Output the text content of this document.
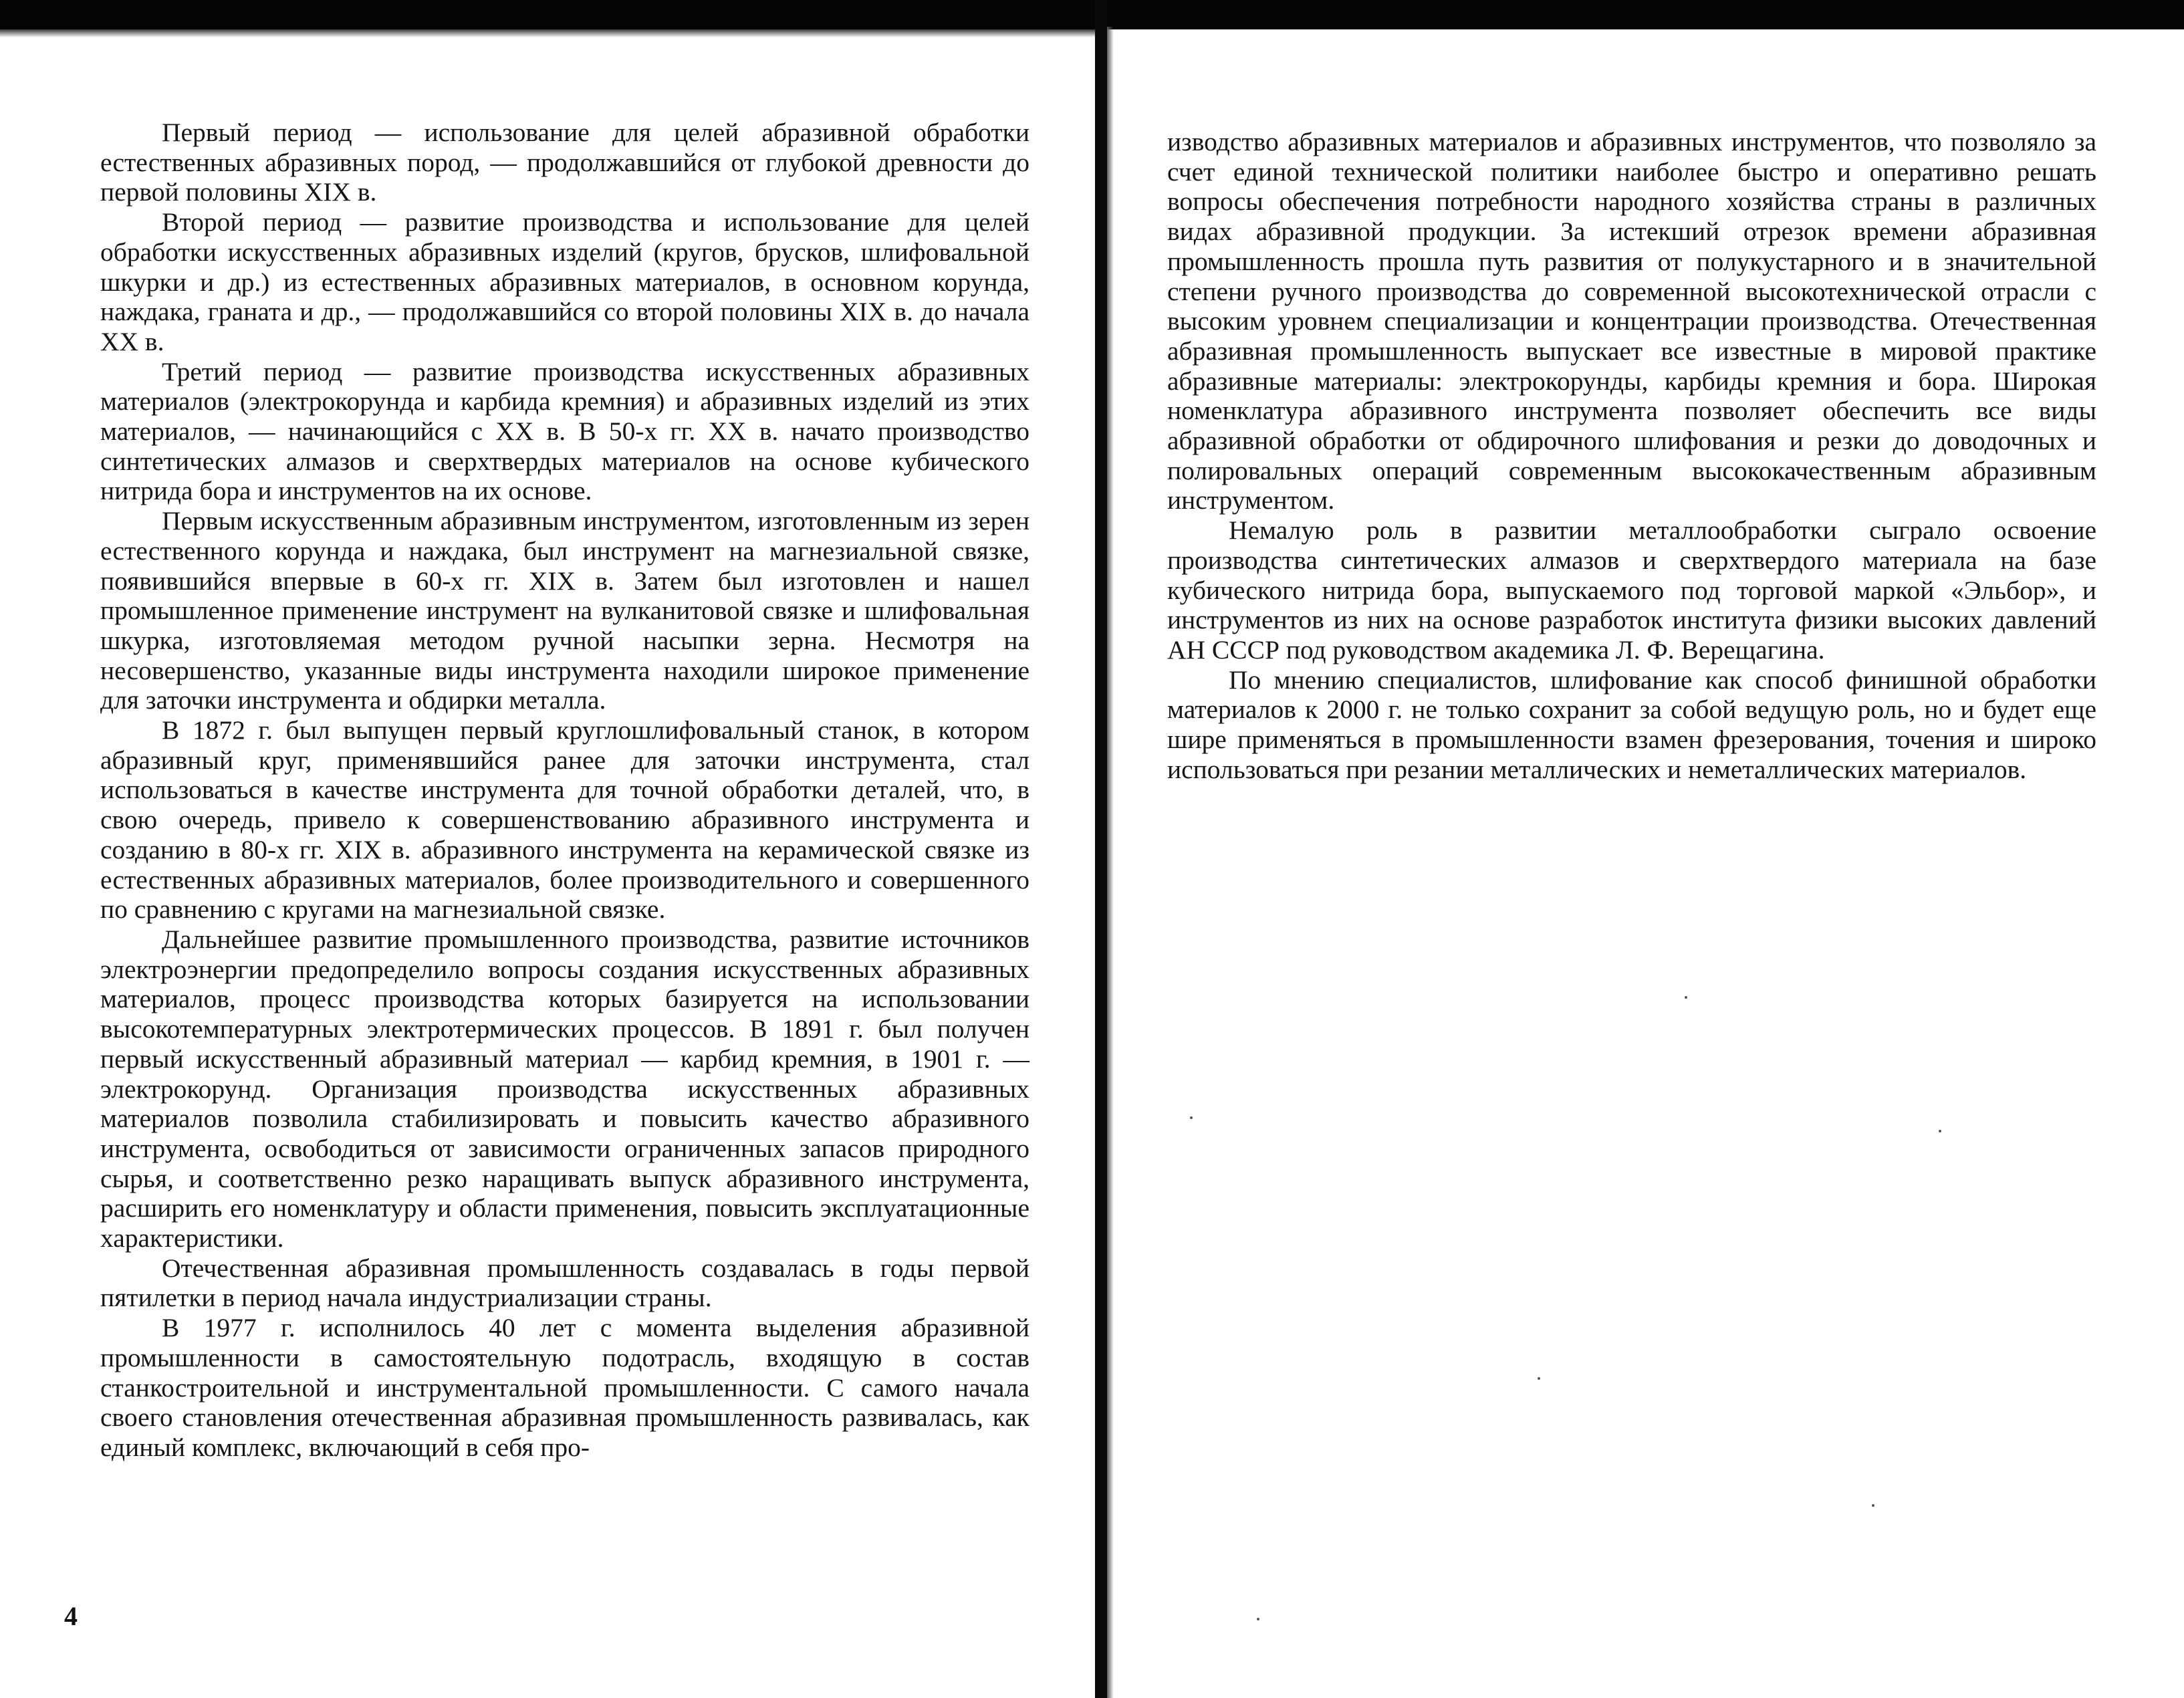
Первый период — использование для целей абразивной обработки естественных абразивных пород, — продолжавшийся от глубокой древности до первой половины XIX в.

Второй период — развитие производства и использование для целей обработки искусственных абразивных изделий (кругов, брусков, шлифовальной шкурки и др.) из естественных абразивных материалов, в основном корунда, наждака, граната и др., — продолжавшийся со второй половины XIX в. до начала XX в.

Третий период — развитие производства искусственных абразивных материалов (электрокорунда и карбида кремния) и абразивных изделий из этих материалов, — начинающийся с XX в. В 50-х гг. XX в. начато производство синтетических алмазов и сверхтвердых материалов на основе кубического нитрида бора и инструментов на их основе.

Первым искусственным абразивным инструментом, изготовленным из зерен естественного корунда и наждака, был инструмент на магнезиальной связке, появившийся впервые в 60-х гг. XIX в. Затем был изготовлен и нашел промышленное применение инструмент на вулканитовой связке и шлифовальная шкурка, изготовляемая методом ручной насыпки зерна. Несмотря на несовершенство, указанные виды инструмента находили широкое применение для заточки инструмента и обдирки металла.

В 1872 г. был выпущен первый круглошлифовальный станок, в котором абразивный круг, применявшийся ранее для заточки инструмента, стал использоваться в качестве инструмента для точной обработки деталей, что, в свою очередь, привело к совершенствованию абразивного инструмента и созданию в 80-х гг. XIX в. абразивного инструмента на керамической связке из естественных абразивных материалов, более производительного и совершенного по сравнению с кругами на магнезиальной связке.

Дальнейшее развитие промышленного производства, развитие источников электроэнергии предопределило вопросы создания искусственных абразивных материалов, процесс производства которых базируется на использовании высокотемпературных электротермических процессов. В 1891 г. был получен первый искусственный абразивный материал — карбид кремния, в 1901 г. — электрокорунд. Организация производства искусственных абразивных материалов позволила стабилизировать и повысить качество абразивного инструмента, освободиться от зависимости ограниченных запасов природного сырья, и соответственно резко наращивать выпуск абразивного инструмента, расширить его номенклатуру и области применения, повысить эксплуатационные характеристики.

Отечественная абразивная промышленность создавалась в годы первой пятилетки в период начала индустриализации страны.

В 1977 г. исполнилось 40 лет с момента выделения абразивной промышленности в самостоятельную подотрасль, входящую в состав станкостроительной и инструментальной промышленности. С самого начала своего становления отечественная абразивная промышленность развивалась, как единый комплекс, включающий в себя про-

4

изводство абразивных материалов и абразивных инструментов, что позволяло за счет единой технической политики наиболее быстро и оперативно решать вопросы обеспечения потребности народного хозяйства страны в различных видах абразивной продукции. За истекший отрезок времени абразивная промышленность прошла путь развития от полукустарного и в значительной степени ручного производства до современной высокотехнической отрасли с высоким уровнем специализации и концентрации производства. Отечественная абразивная промышленность выпускает все известные в мировой практике абразивные материалы: электрокорунды, карбиды кремния и бора. Широкая номенклатура абразивного инструмента позволяет обеспечить все виды абразивной обработки от обдирочного шлифования и резки до доводочных и полировальных операций современным высококачественным абразивным инструментом.

Немалую роль в развитии металлообработки сыграло освоение производства синтетических алмазов и сверхтвердого материала на базе кубического нитрида бора, выпускаемого под торговой маркой «Эльбор», и инструментов из них на основе разработок института физики высоких давлений АН СССР под руководством академика Л. Ф. Верещагина.

По мнению специалистов, шлифование как способ финишной обработки материалов к 2000 г. не только сохранит за собой ведущую роль, но и будет еще шире применяться в промышленности взамен фрезерования, точения и широко использоваться при резании металлических и неметаллических материалов.
